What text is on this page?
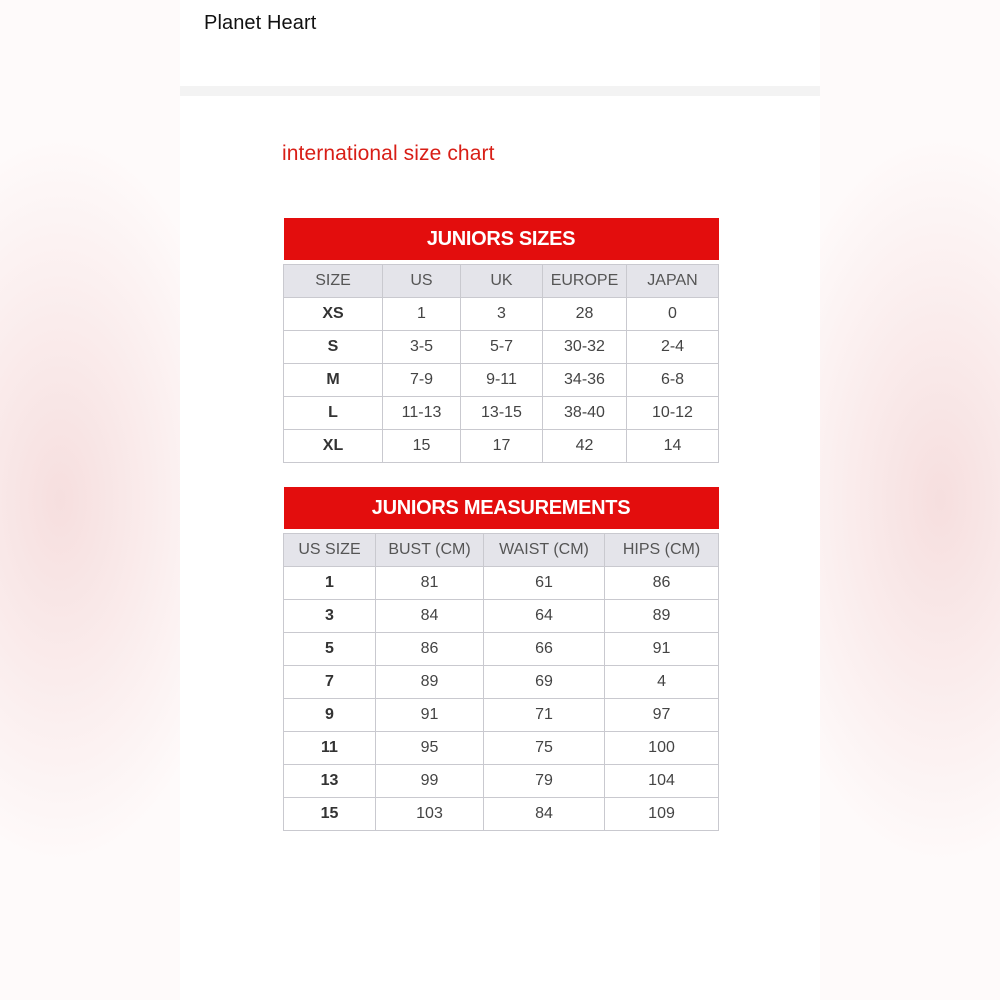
Planet Heart
international size chart
JUNIORS SIZES				

SIZE	US	UK	EUROPE	JAPAN
XS	1	3	28	0
S	3-5	5-7	30-32	2-4
M	7-9	9-11	34-36	6-8
L	11-13	13-15	38-40	10-12
XL	15	17	42	14
JUNIORS MEASUREMENTS			

US SIZE	BUST (CM)	WAIST (CM)	HIPS (CM)
1	81	61	86
3	84	64	89
5	86	66	91
7	89	69	4
9	91	71	97
11	95	75	100
13	99	79	104
15	103	84	109
